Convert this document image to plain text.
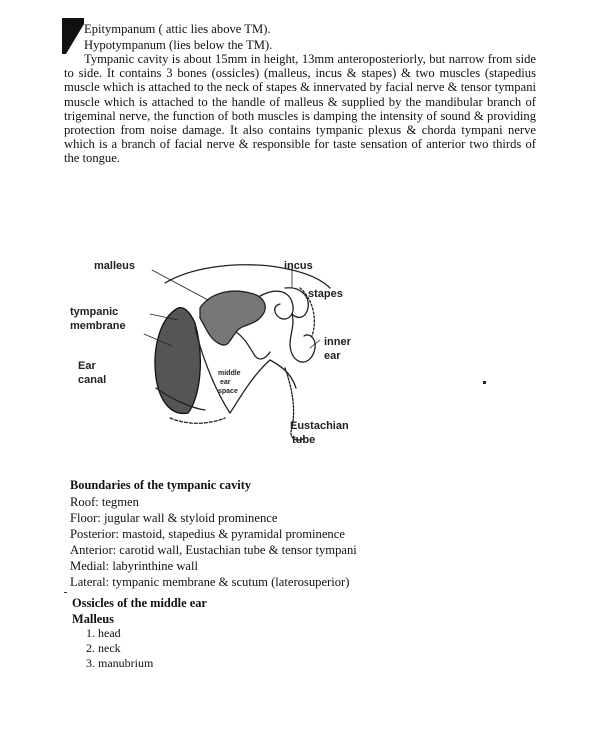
Epitympanum ( attic lies above TM).
Hypotympanum (lies below the TM).
Tympanic cavity is about 15mm in height, 13mm anteroposteriorly, but narrow from side to side. It contains 3 bones (ossicles) (malleus, incus & stapes) & two muscles (stapedius muscle which is attached to the neck of stapes & innervated by facial nerve & tensor tympani muscle which is attached to the handle of malleus & supplied by the mandibular branch of trigeminal nerve, the function of both muscles is damping the intensity of sound & providing protection from noise damage. It also contains tympanic plexus & chorda tympani nerve which is a branch of facial nerve & responsible for taste sensation of anterior two thirds of the tongue.
malleus	incus
stapes
tympanic
membrane
inner
ear
Ear
canal
middle
ear
space
Eustachian
tube
Boundaries of the tympanic cavity
Roof: tegmen
Floor: jugular wall & styloid prominence
Posterior: mastoid, stapedius & pyramidal prominence
Anterior: carotid wall, Eustachian tube & tensor tympani
Medial: labyrinthine wall
Lateral: tympanic membrane & scutum (laterosuperior)
Ossicles of the middle ear
Malleus
1. head
2. neck
3. manubrium
